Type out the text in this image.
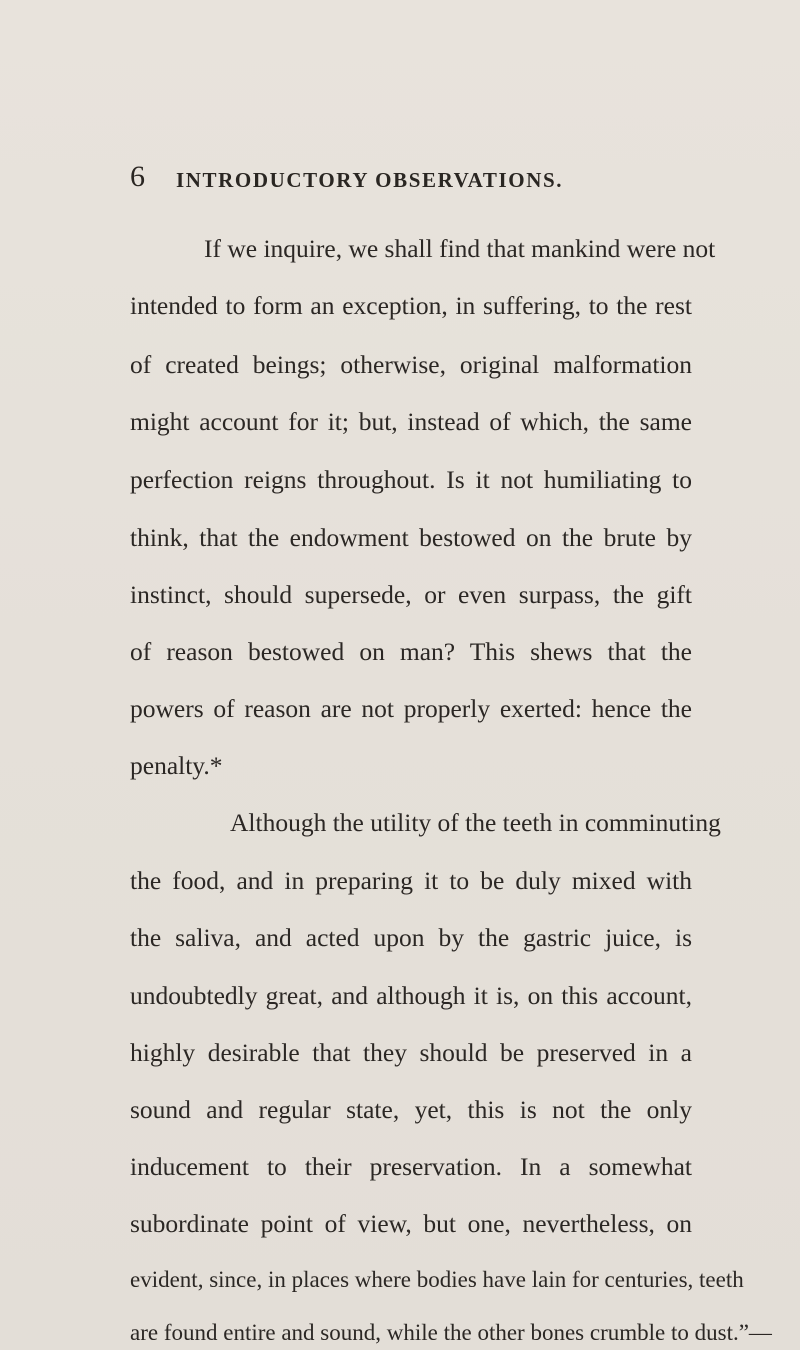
6 INTRODUCTORY OBSERVATIONS.
If we inquire, we shall find that mankind were not
intended to form an exception, in suffering, to the rest
of created beings; otherwise, original malformation
might account for it; but, instead of which, the same
perfection reigns throughout. Is it not humiliating to
think, that the endowment bestowed on the brute by
instinct, should supersede, or even surpass, the gift
of reason bestowed on man? This shews that the
powers of reason are not properly exerted: hence the
penalty.*
Although the utility of the teeth in comminuting
the food, and in preparing it to be duly mixed with
the saliva, and acted upon by the gastric juice, is
undoubtedly great, and although it is, on this account,
highly desirable that they should be preserved in a
sound and regular state, yet, this is not the only
inducement to their preservation. In a somewhat
subordinate point of view, but one, nevertheless, on
evident, since, in places where bodies have lain for centuries, teeth
are found entire and sound, while the other bones crumble to dust.”—
